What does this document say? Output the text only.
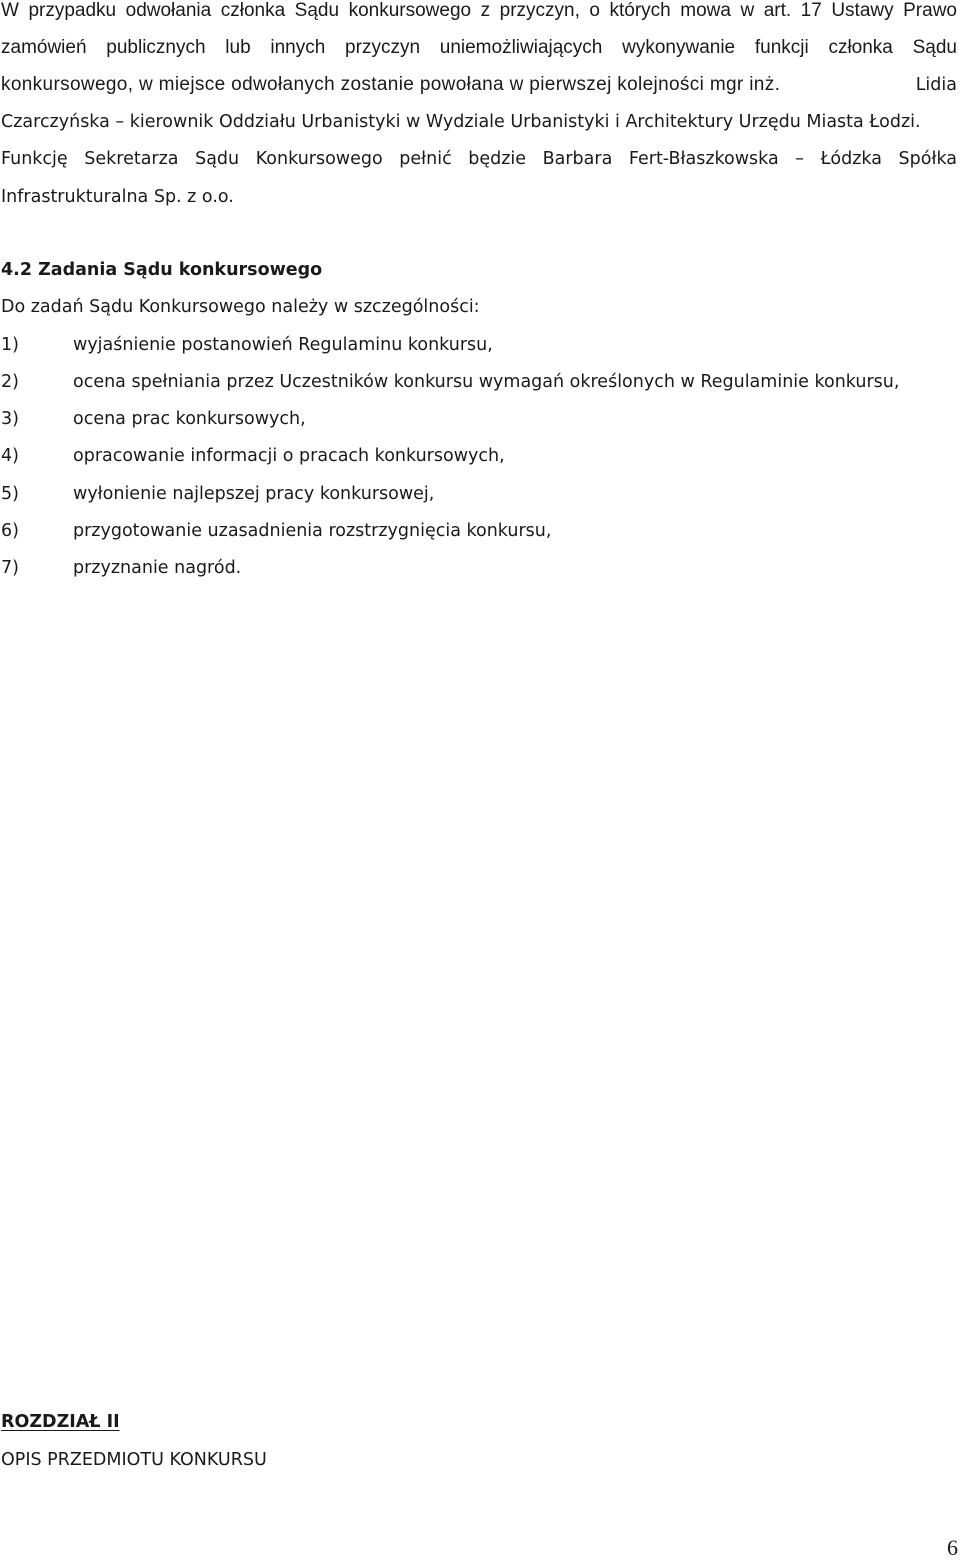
W przypadku odwołania członka Sądu konkursowego z przyczyn, o których mowa w art. 17 Ustawy Prawo
zamówień publicznych lub innych przyczyn uniemożliwiających wykonywanie funkcji członka Sądu
konkursowego, w miejsce odwołanych zostanie powołana w pierwszej kolejności mgr inż.	Lidia
Czarczyńska – kierownik Oddziału Urbanistyki w Wydziale Urbanistyki i Architektury Urzędu Miasta Łodzi.
Funkcję Sekretarza Sądu Konkursowego pełnić będzie Barbara Fert-Błaszkowska – Łódzka Spółka
Infrastrukturalna Sp. z o.o.
4.2 Zadania Sądu konkursowego
Do zadań Sądu Konkursowego należy w szczególności:
1)	wyjaśnienie postanowień Regulaminu konkursu,
2)	ocena spełniania przez Uczestników konkursu wymagań określonych w Regulaminie konkursu,
3)	ocena prac konkursowych,
4)	opracowanie informacji o pracach konkursowych,
5)	wyłonienie najlepszej pracy konkursowej,
6)	przygotowanie uzasadnienia rozstrzygnięcia konkursu,
7)	przyznanie nagród.
ROZDZIAŁ II
OPIS PRZEDMIOTU KONKURSU
6
